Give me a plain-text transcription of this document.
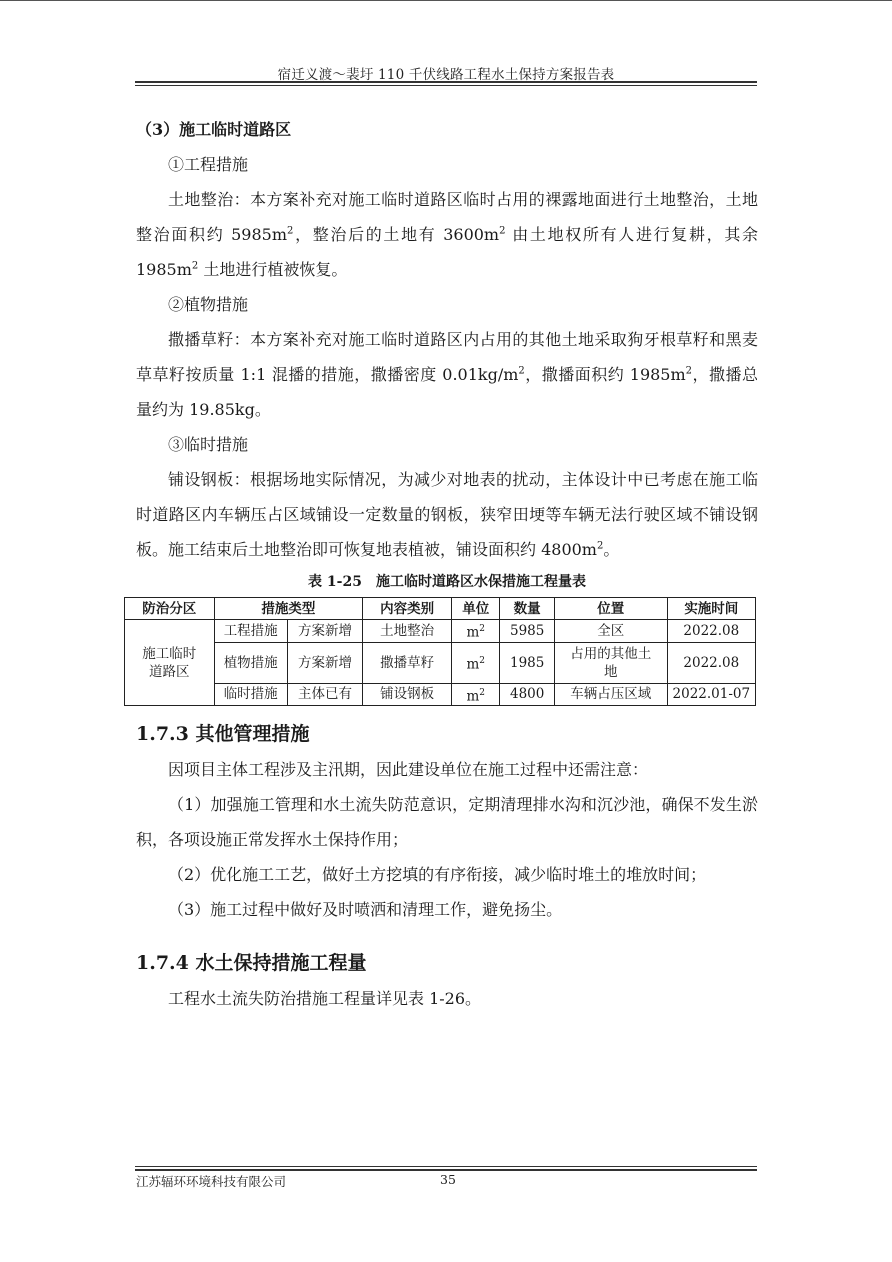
宿迁义渡～裴圩 110 千伏线路工程水土保持方案报告表

（3）施工临时道路区

①工程措施

土地整治：本方案补充对施工临时道路区临时占用的裸露地面进行土地整治，土地整治面积约 $5985m^2$，整治后的土地有 $3600m^2$ 由土地权所有人进行复耕，其余 $1985m^2$ 土地进行植被恢复。

②植物措施

撒播草籽：本方案补充对施工临时道路区内占用的其他土地采取狗牙根草籽和黑麦草草籽按质量 1:1 混播的措施，撒播密度 $0.01kg/m^2$，撒播面积约 $1985m^2$，撒播总量约为 19.85kg。

③临时措施

铺设钢板：根据场地实际情况，为减少对地表的扰动，主体设计中已考虑在施工临时道路区内车辆压占区域铺设一定数量的钢板，狭窄田埂等车辆无法行驶区域不铺设钢板。施工结束后土地整治即可恢复地表植被，铺设面积约 $4800m^2$。

表 1-25　施工临时道路区水保措施工程量表
防治分区	措施类型		内容类别	单位	数量	位置	实施时间
施工临时道路区	工程措施	方案新增	土地整治	$m^2$	5985	全区	2022.08
	植物措施	方案新增	撒播草籽	$m^2$	1985	占用的其他土地	2022.08
	临时措施	主体已有	铺设钢板	$m^2$	4800	车辆占压区域	2022.01-07
1.7.3 其他管理措施

因项目主体工程涉及主汛期，因此建设单位在施工过程中还需注意：

（1）加强施工管理和水土流失防范意识，定期清理排水沟和沉沙池，确保不发生淤积，各项设施正常发挥水土保持作用；

（2）优化施工工艺，做好土方挖填的有序衔接，减少临时堆土的堆放时间；

（3）施工过程中做好及时喷洒和清理工作，避免扬尘。

1.7.4 水土保持措施工程量

工程水土流失防治措施工程量详见表 1-26。

江苏辐环环境科技有限公司	35
